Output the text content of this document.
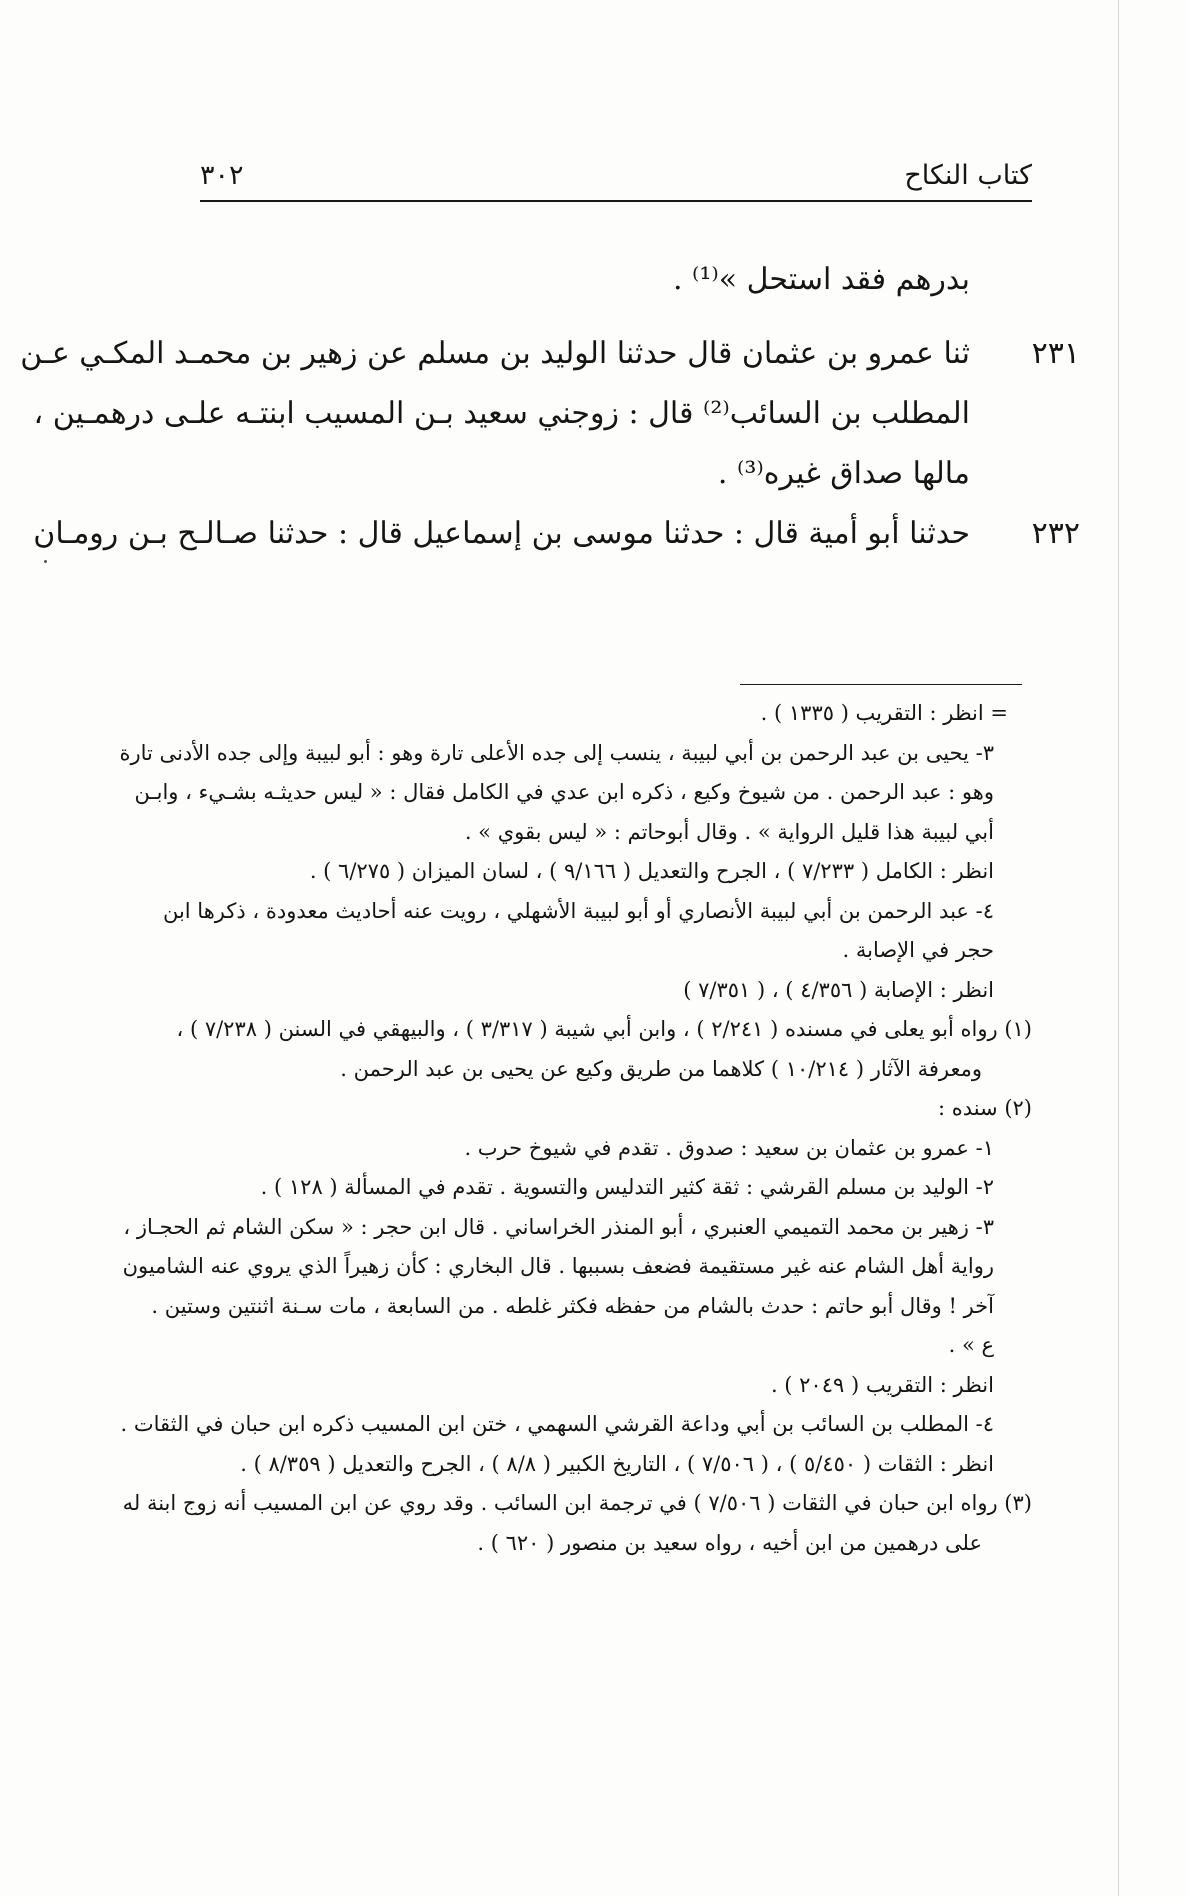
كتاب النكاح
٣٠٢
بدرهم فقد استحل »⁽¹⁾ .
٢٣١
ثنا عمرو بن عثمان قال حدثنا الوليد بن مسلم عن زهير بن محمـد المكـي عـن
المطلب بن السائب⁽²⁾ قال : زوجني سعيد بـن المسيب ابنتـه علـى درهمـين ،
مالها صداق غيره⁽³⁾ .
٢٣٢
حدثنا أبو أمية قال : حدثنا موسى بن إسماعيل قال : حدثنا صـالـح بـن رومـان
= انظر : التقريب ( ١٣٣٥ ) .
٣- يحيى بن عبد الرحمن بن أبي لبيبة ، ينسب إلى جده الأعلى تارة وهو : أبو لبيبة وإلى جده الأدنى تارة
وهو : عبد الرحمن . من شيوخ وكيع ، ذكره ابن عدي في الكامل فقال : « ليس حديثـه بشـيء ، وابـن
أبي لبيبة هذا قليل الرواية » . وقال أبوحاتم : « ليس بقوي » .
انظر : الكامل ( ٧/٢٣٣ ) ، الجرح والتعديل ( ٩/١٦٦ ) ، لسان الميزان ( ٦/٢٧٥ ) .
٤- عبد الرحمن بن أبي لبيبة الأنصاري أو أبو لبيبة الأشهلي ، رويت عنه أحاديث معدودة ، ذكرها ابن
حجر في الإصابة .
انظر : الإصابة ( ٤/٣٥٦ ) ، ( ٧/٣٥١ )
(١) رواه أبو يعلى في مسنده ( ٢/٢٤١ ) ، وابن أبي شيبة ( ٣/٣١٧ ) ، والبيهقي في السنن ( ٧/٢٣٨ ) ،
ومعرفة الآثار ( ١٠/٢١٤ ) كلاهما من طريق وكيع عن يحيى بن عبد الرحمن .
(٢) سنده :
١- عمرو بن عثمان بن سعيد : صدوق . تقدم في شيوخ حرب .
٢- الوليد بن مسلم القرشي : ثقة كثير التدليس والتسوية . تقدم في المسألة ( ١٢٨ ) .
٣- زهير بن محمد التميمي العنبري ، أبو المنذر الخراساني . قال ابن حجر : « سكن الشام ثم الحجـاز ،
رواية أهل الشام عنه غير مستقيمة فضعف بسببها . قال البخاري : كأن زهيراً الذي يروي عنه الشاميون
آخر ! وقال أبو حاتم : حدث بالشام من حفظه فكثر غلطه . من السابعة ، مات سـنة اثنتين وستين .
ع » .
انظر : التقريب ( ٢٠٤٩ ) .
٤- المطلب بن السائب بن أبي وداعة القرشي السهمي ، ختن ابن المسيب ذكره ابن حبان في الثقات .
انظر : الثقات ( ٥/٤٥٠ ) ، ( ٧/٥٠٦ ) ، التاريخ الكبير ( ٨/٨ ) ، الجرح والتعديل ( ٨/٣٥٩ ) .
(٣) رواه ابن حبان في الثقات ( ٧/٥٠٦ ) في ترجمة ابن السائب . وقد روي عن ابن المسيب أنه زوج ابنة له
على درهمين من ابن أخيه ، رواه سعيد بن منصور ( ٦٢٠ ) .
